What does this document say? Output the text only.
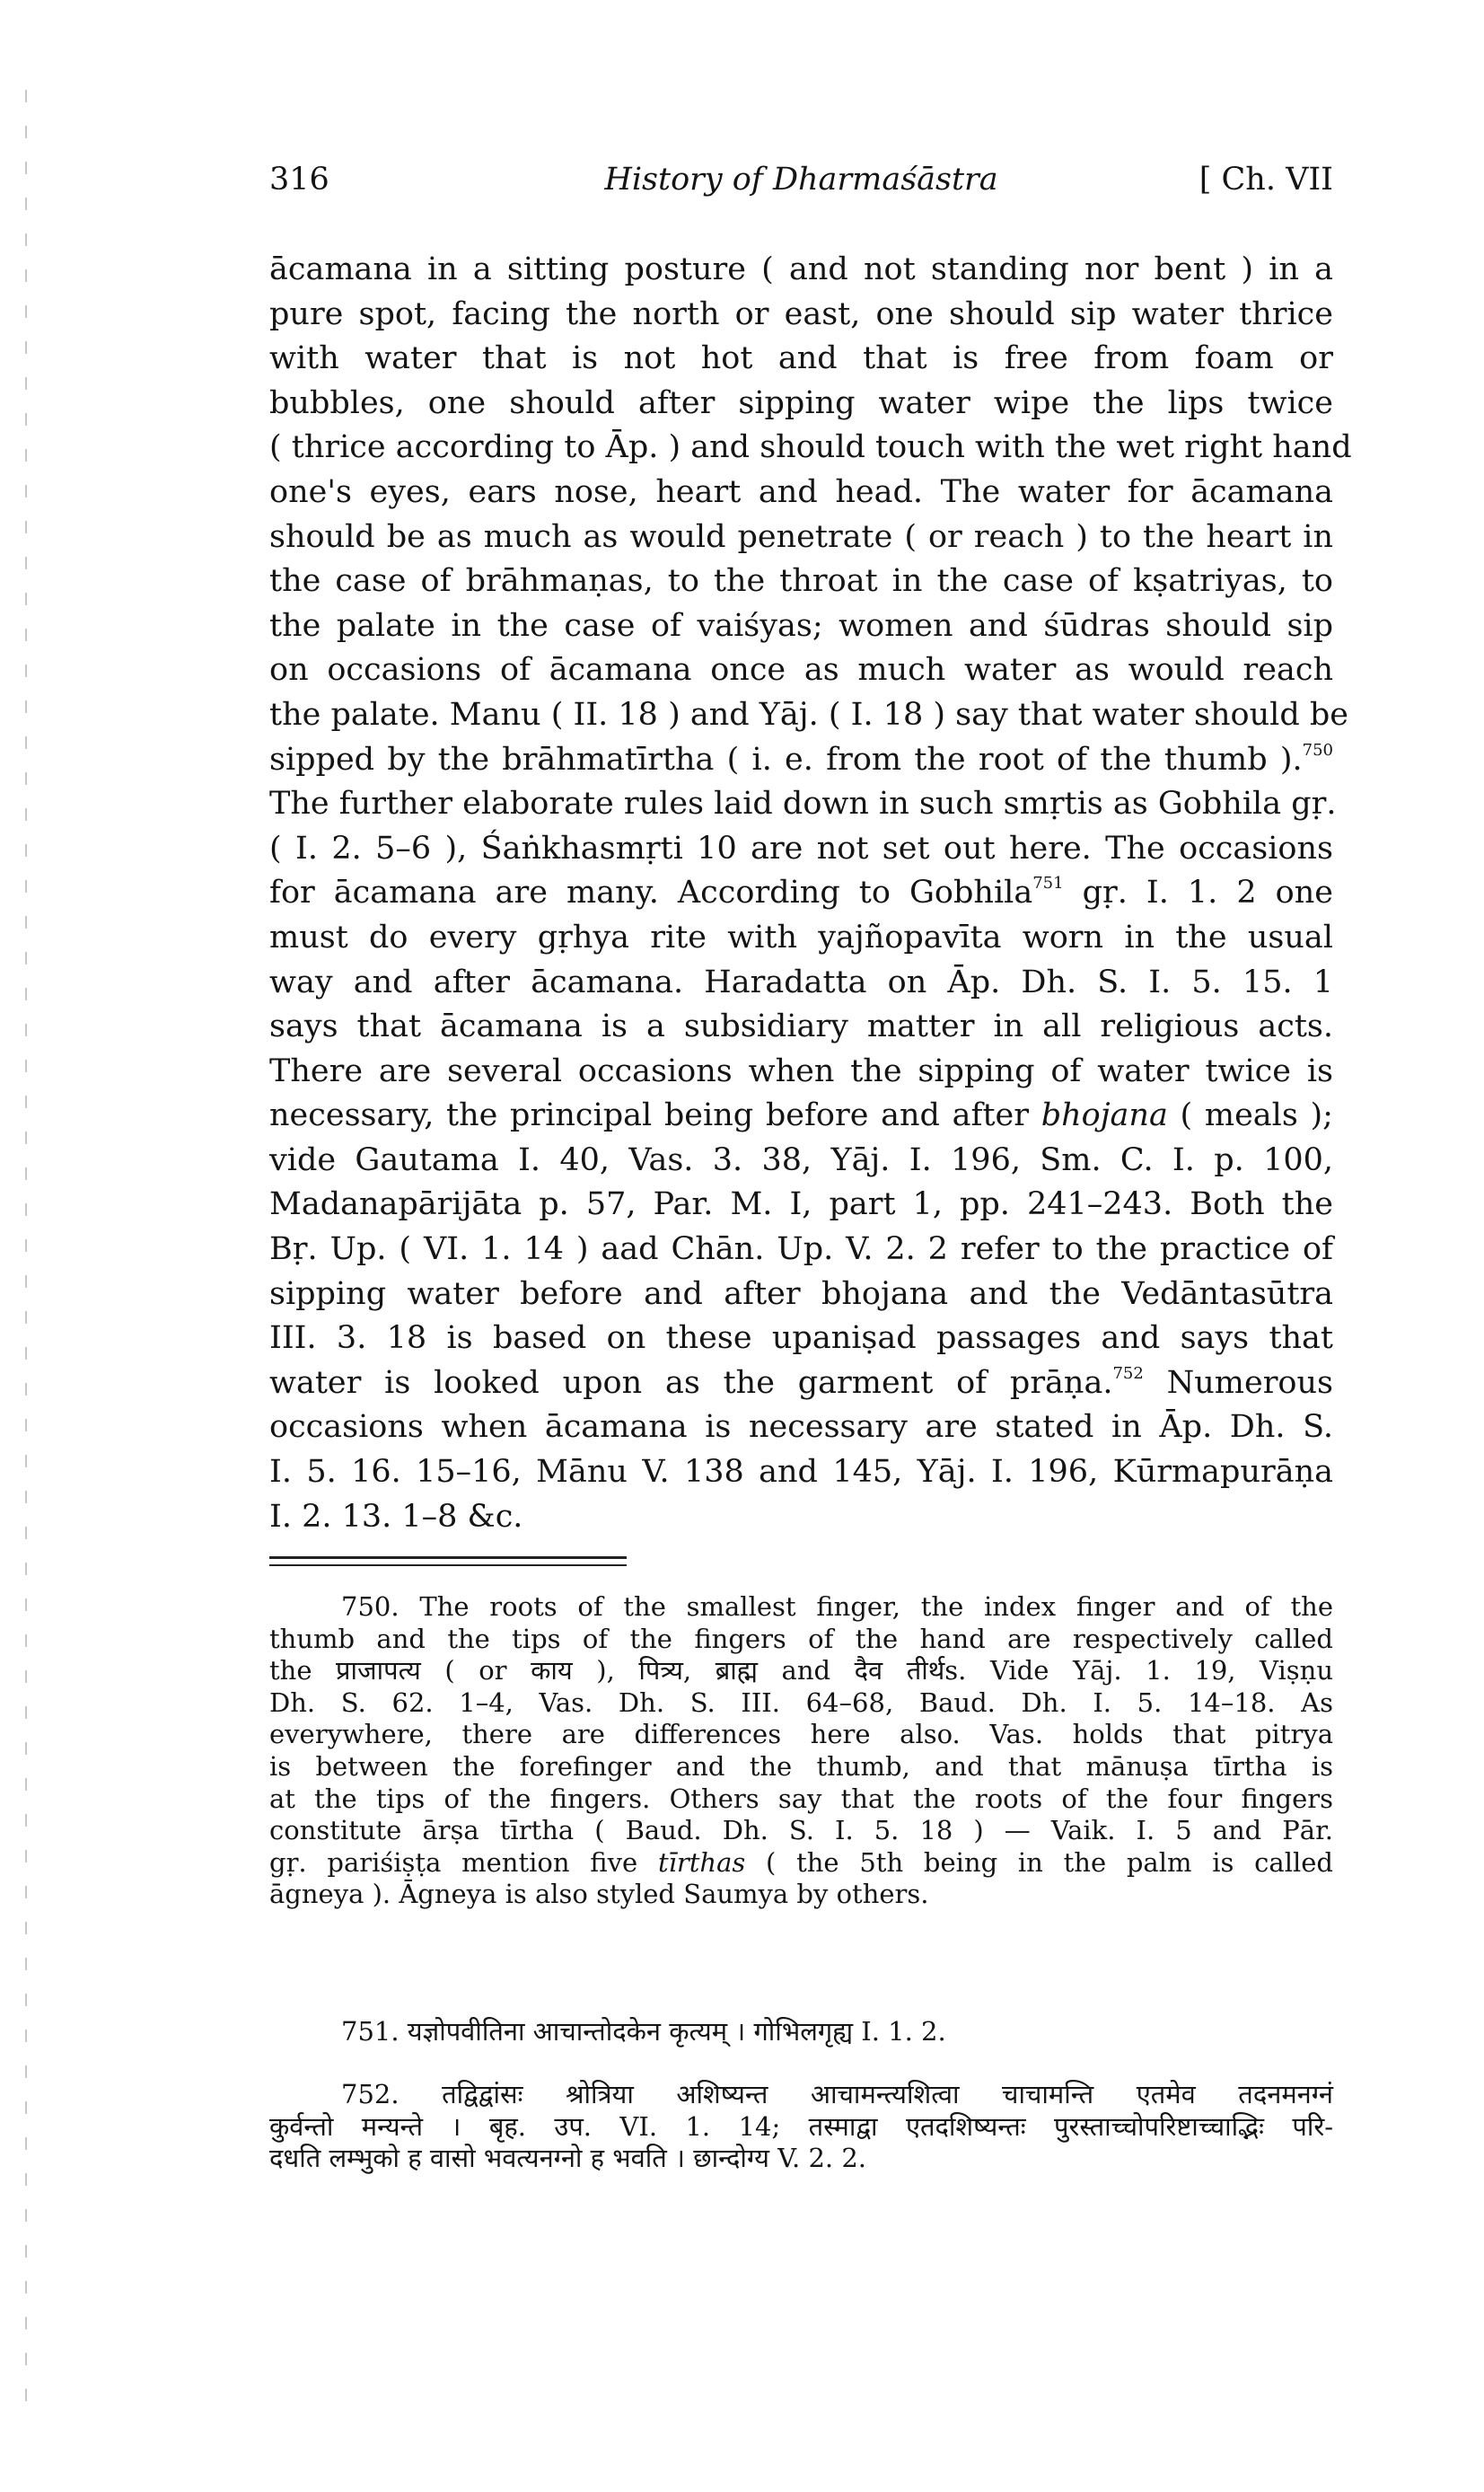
316	History of Dharmaśāstra	[ Ch. VII
ācamana in a sitting posture ( and not standing nor bent ) in a
pure spot, facing the north or east, one should sip water thrice
with water that is not hot and that is free from foam or
bubbles, one should after sipping water wipe the lips twice
( thrice according to Āp. ) and should touch with the wet right hand
one's eyes, ears nose, heart and head. The water for ācamana
should be as much as would penetrate ( or reach ) to the heart in
the case of brāhmaṇas, to the throat in the case of kṣatriyas, to
the palate in the case of vaiśyas; women and śūdras should sip
on occasions of ācamana once as much water as would reach
the palate. Manu ( II. 18 ) and Yāj. ( I. 18 ) say that water should be
sipped by the brāhmatīrtha ( i. e. from the root of the thumb ).$^{750}$
The further elaborate rules laid down in such smṛtis as Gobhila gṛ.
( I. 2. 5–6 ), Śaṅkhasmṛti 10 are not set out here. The occasions
for ācamana are many. According to Gobhila$^{751}$ gṛ. I. 1. 2 one
must do every gṛhya rite with yajñopavīta worn in the usual
way and after ācamana. Haradatta on Āp. Dh. S. I. 5. 15. 1
says that ācamana is a subsidiary matter in all religious acts.
There are several occasions when the sipping of water twice is
necessary, the principal being before and after bhojana ( meals );
vide Gautama I. 40, Vas. 3. 38, Yāj. I. 196, Sm. C. I. p. 100,
Madanapārijāta p. 57, Par. M. I, part 1, pp. 241–243. Both the
Bṛ. Up. ( VI. 1. 14 ) aad Chān. Up. V. 2. 2 refer to the practice of
sipping water before and after bhojana and the Vedāntasūtra
III. 3. 18 is based on these upaniṣad passages and says that
water is looked upon as the garment of prāṇa.$^{752}$ Numerous
occasions when ācamana is necessary are stated in Āp. Dh. S.
I. 5. 16. 15–16, Mānu V. 138 and 145, Yāj. I. 196, Kūrmapurāṇa
I. 2. 13. 1–8 &c.
750. The roots of the smallest finger, the index finger and of the
thumb and the tips of the fingers of the hand are respectively called
the प्राजापत्य ( or काय ), पित्र्य, ब्राह्म and दैव तीर्थs. Vide Yāj. 1. 19, Viṣṇu
Dh. S. 62. 1–4, Vas. Dh. S. III. 64–68, Baud. Dh. I. 5. 14–18. As
everywhere, there are differences here also. Vas. holds that pitrya
is between the forefinger and the thumb, and that mānuṣa tīrtha is
at the tips of the fingers. Others say that the roots of the four fingers
constitute ārṣa tīrtha ( Baud. Dh. S. I. 5. 18 ) — Vaik. I. 5 and Pār.
gṛ. pariśiṣṭa mention five tīrthas ( the 5th being in the palm is called
āgneya ). Āgneya is also styled Saumya by others.
751. यज्ञोपवीतिना आचान्तोदकेन कृत्यम् । गोभिलगृह्य I. 1. 2.
752. तद्विद्वांसः श्रोत्रिया अशिष्यन्त आचामन्त्यशित्वा चाचामन्ति एतमेव तदनमनग्नं
कुर्वन्तो मन्यन्ते । बृह. उप. VI. 1. 14; तस्माद्वा एतदशिष्यन्तः पुरस्ताच्चोपरिष्टाच्चाद्भिः परि-
दधति लम्भुको ह वासो भवत्यनग्नो ह भवति । छान्दोग्य V. 2. 2.
